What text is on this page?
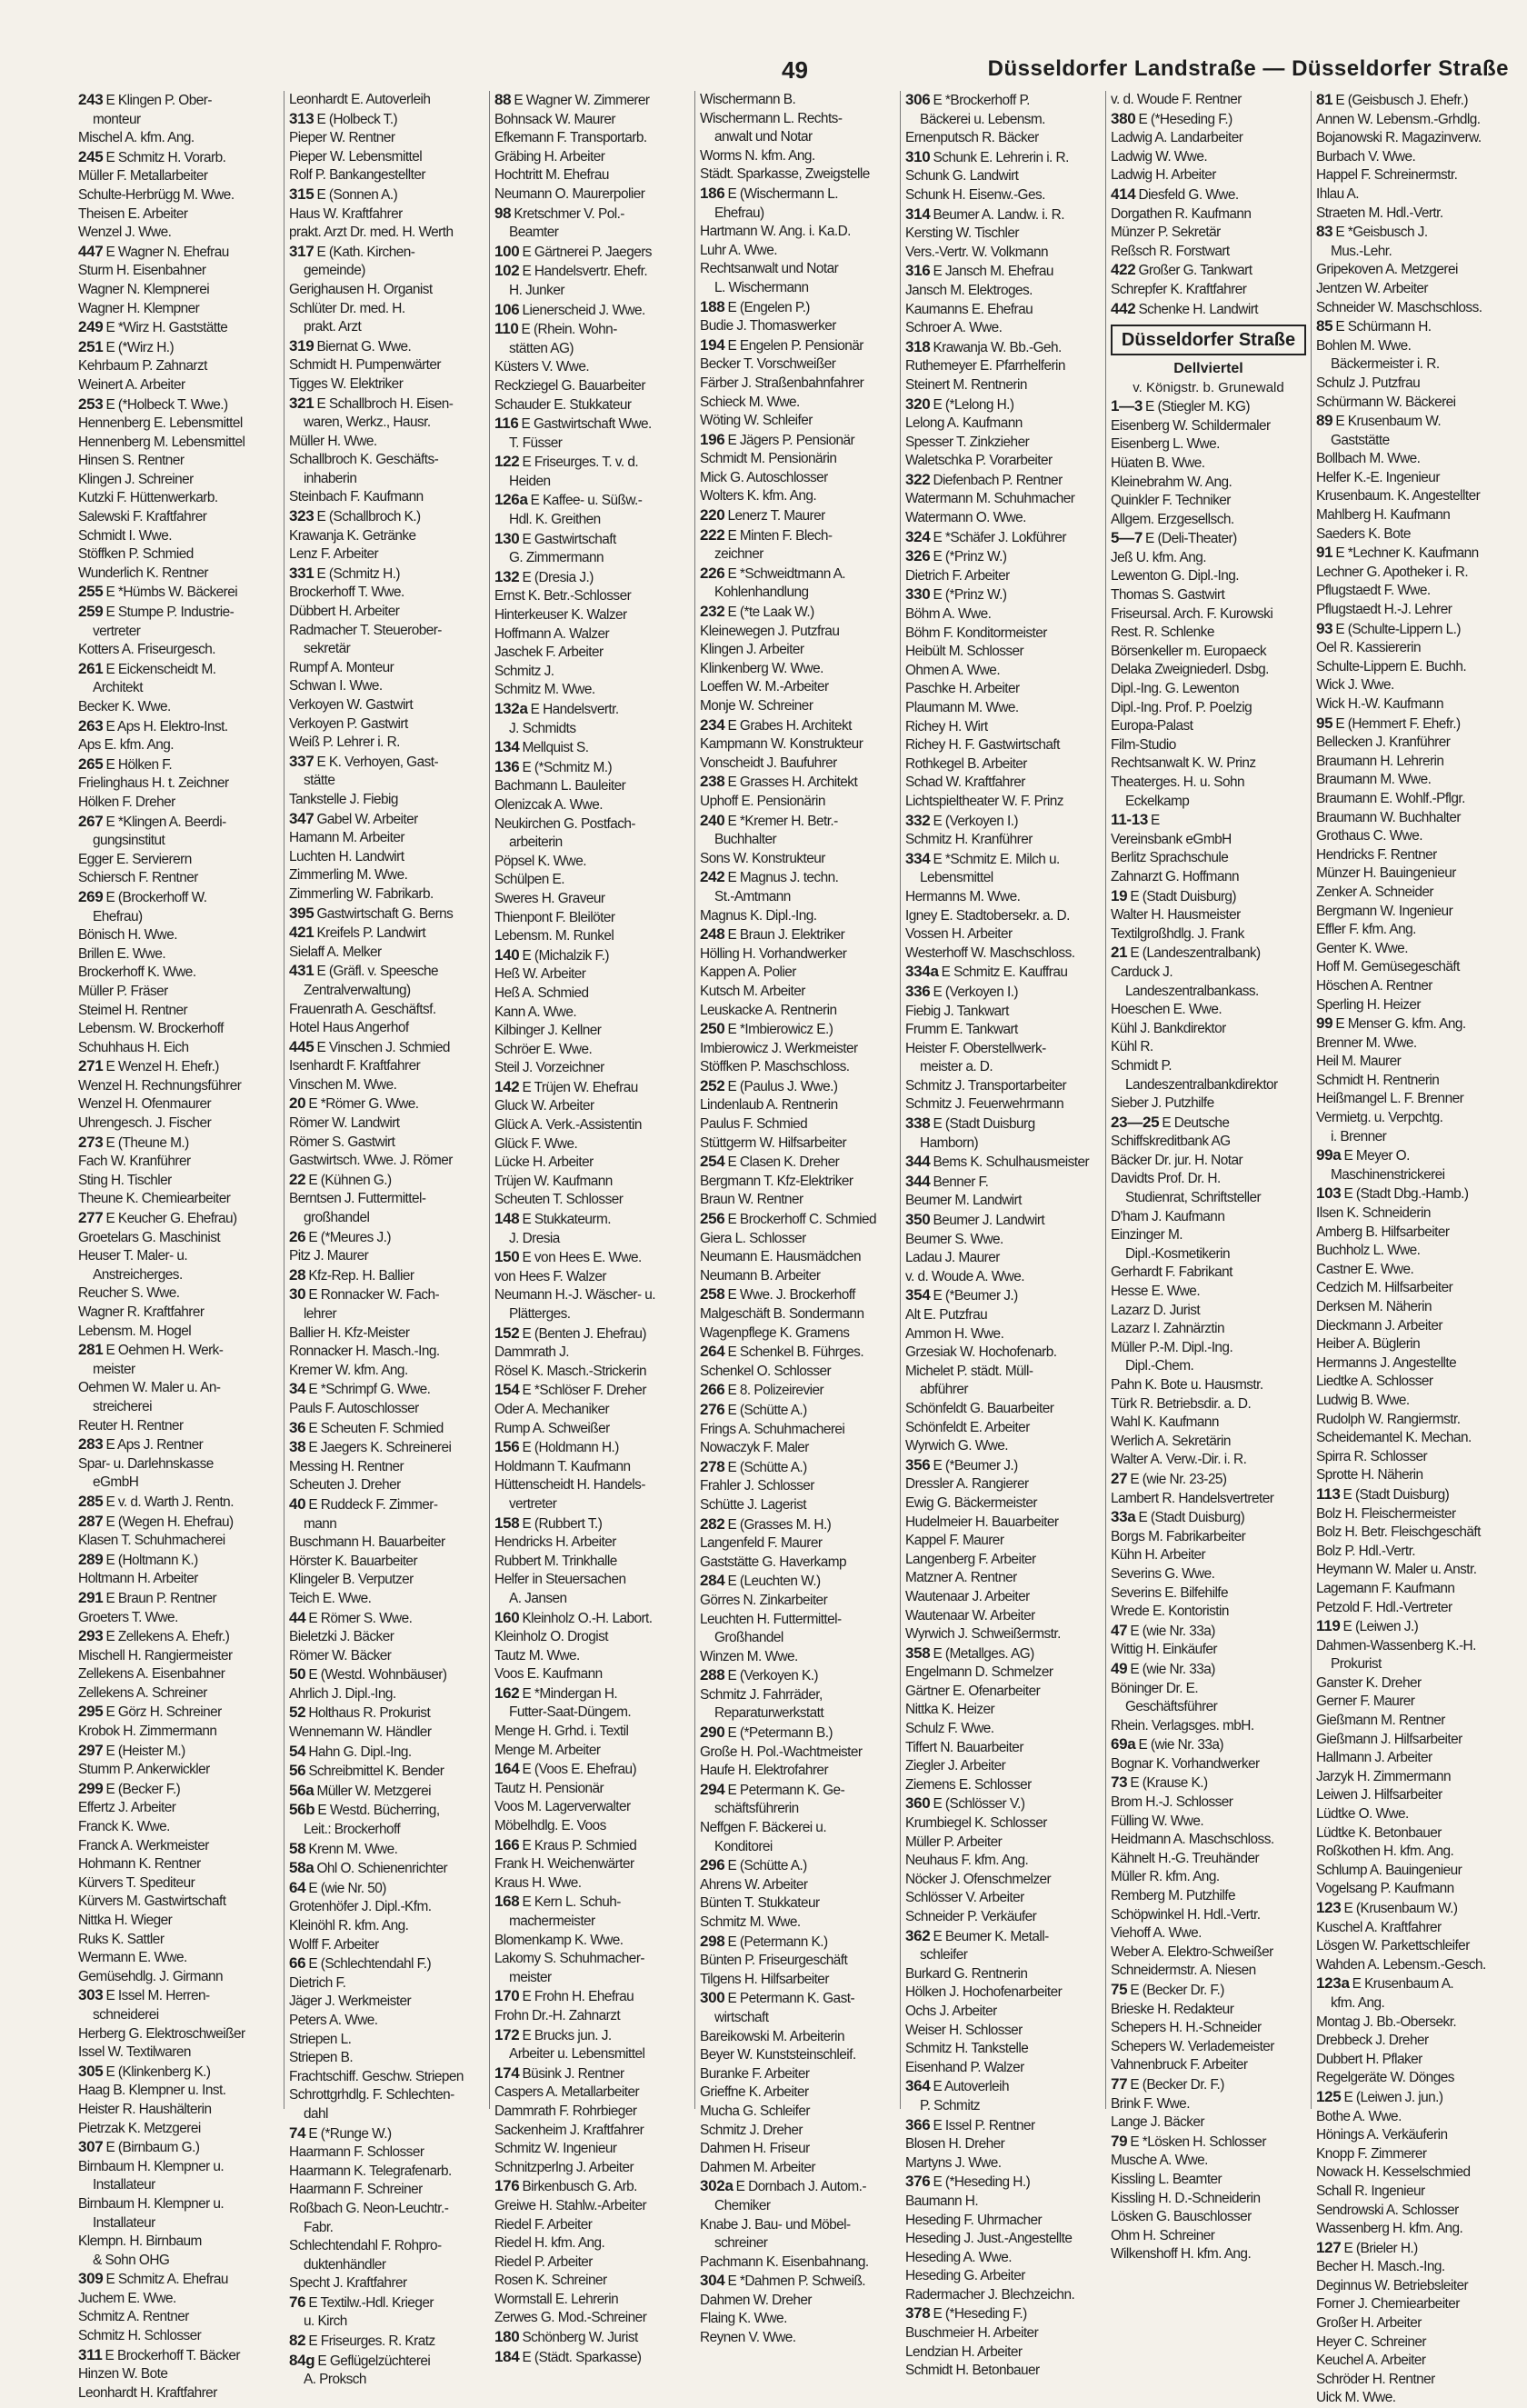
49	Düsseldorfer Landstraße — Düsseldorfer Straße
243 E Klingen P. Ober-
monteur
Mischel A. kfm. Ang.
245 E Schmitz H. Vorarb.
Müller F. Metallarbeiter
Schulte-Herbrügg M. Wwe.
Theisen E. Arbeiter
Wenzel J. Wwe.
447 E Wagner N. Ehefrau
Sturm H. Eisenbahner
Wagner N. Klempnerei
Wagner H. Klempner
249 E *Wirz H. Gaststätte
251 E (*Wirz H.)
Kehrbaum P. Zahnarzt
Weinert A. Arbeiter
253 E (*Holbeck T. Wwe.)
Hennenberg E. Lebensmittel
Hennenberg M. Lebensmittel
Hinsen S. Rentner
Klingen J. Schreiner
Kutzki F. Hüttenwerkarb.
Salewski F. Kraftfahrer
Schmidt I. Wwe.
Stöffken P. Schmied
Wunderlich K. Rentner
255 E *Hümbs W. Bäckerei
259 E Stumpe P. Industrie-
vertreter
Kotters A. Friseurgesch.
261 E Eickenscheidt M.
Architekt
Becker K. Wwe.
263 E Aps H. Elektro-Inst.
Aps E. kfm. Ang.
265 E Hölken F.
Frielinghaus H. t. Zeichner
Hölken F. Dreher
267 E *Klingen A. Beerdi-
gungsinstitut
Egger E. Servierern
Schiersch F. Rentner
269 E (Brockerhoff W.
Ehefrau)
Bönisch H. Wwe.
Brillen E. Wwe.
Brockerhoff K. Wwe.
Müller P. Fräser
Steimel H. Rentner
Lebensm. W. Brockerhoff
Schuhhaus H. Eich
271 E Wenzel H. Ehefr.)
Wenzel H. Rechnungsführer
Wenzel H. Ofenmaurer
Uhrengesch. J. Fischer
273 E (Theune M.)
Fach W. Kranführer
Sting H. Tischler
Theune K. Chemiearbeiter
277 E Keucher G. Ehefrau)
Groetelars G. Maschinist
Heuser T. Maler- u.
Anstreicherges.
Reucher S. Wwe.
Wagner R. Kraftfahrer
Lebensm. M. Hogel
281 E Oehmen H. Werk-
meister
Oehmen W. Maler u. An-
streicherei
Reuter H. Rentner
283 E Aps J. Rentner
Spar- u. Darlehnskasse
eGmbH
285 E v. d. Warth J. Rentn.
287 E (Wegen H. Ehefrau)
Klasen T. Schuhmacherei
289 E (Holtmann K.)
Holtmann H. Arbeiter
291 E Braun P. Rentner
Groeters T. Wwe.
293 E Zellekens A. Ehefr.)
Mischell H. Rangiermeister
Zellekens A. Eisenbahner
Zellekens A. Schreiner
295 E Görz H. Schreiner
Krobok H. Zimmermann
297 E (Heister M.)
Stumm P. Ankerwickler
299 E (Becker F.)
Effertz J. Arbeiter
Franck K. Wwe.
Franck A. Werkmeister
Hohmann K. Rentner
Kürvers T. Spediteur
Kürvers M. Gastwirtschaft
Nittka H. Wieger
Ruks K. Sattler
Wermann E. Wwe.
Gemüsehdlg. J. Girmann
303 E Issel M. Herren-
schneiderei
Herberg G. Elektroschweißer
Issel W. Textilwaren
305 E (Klinkenberg K.)
Haag B. Klempner u. Inst.
Heister R. Haushälterin
Pietrzak K. Metzgerei
307 E (Birnbaum G.)
Birnbaum H. Klempner u.
Installateur
Birnbaum H. Klempner u.
Installateur
Klempn. H. Birnbaum
& Sohn OHG
309 E Schmitz A. Ehefrau
Juchem E. Wwe.
Schmitz A. Rentner
Schmitz H. Schlosser
311 E Brockerhoff T. Bäcker
Hinzen W. Bote
Leonhardt H. Kraftfahrer
Leonhardt E. Autoverleih
313 E (Holbeck T.)
Pieper W. Rentner
Pieper W. Lebensmittel
Rolf P. Bankangestellter
315 E (Sonnen A.)
Haus W. Kraftfahrer
prakt. Arzt Dr. med. H. Werth
317 E (Kath. Kirchen-
gemeinde)
Gerighausen H. Organist
Schlüter Dr. med. H.
prakt. Arzt
319 Biernat G. Wwe.
Schmidt H. Pumpenwärter
Tigges W. Elektriker
321 E Schallbroch H. Eisen-
waren, Werkz., Hausr.
Müller H. Wwe.
Schallbroch K. Geschäfts-
inhaberin
Steinbach F. Kaufmann
323 E (Schallbroch K.)
Krawanja K. Getränke
Lenz F. Arbeiter
331 E (Schmitz H.)
Brockerhoff T. Wwe.
Dübbert H. Arbeiter
Radmacher T. Steuerober-
sekretär
Rumpf A. Monteur
Schwan I. Wwe.
Verkoyen W. Gastwirt
Verkoyen P. Gastwirt
Weiß P. Lehrer i. R.
337 E K. Verhoyen, Gast-
stätte
Tankstelle J. Fiebig
347 Gabel W. Arbeiter
Hamann M. Arbeiter
Luchten H. Landwirt
Zimmerling M. Wwe.
Zimmerling W. Fabrikarb.
395 Gastwirtschaft G. Berns
421 Kreifels P. Landwirt
Sielaff A. Melker
431 E (Gräfl. v. Speesche
Zentralverwaltung)
Frauenrath A. Geschäftsf.
Hotel Haus Angerhof
445 E Vinschen J. Schmied
Isenhardt F. Kraftfahrer
Vinschen M. Wwe.
20 E *Römer G. Wwe.
Römer W. Landwirt
Römer S. Gastwirt
Gastwirtsch. Wwe. J. Römer
22 E (Kühnen G.)
Berntsen J. Futtermittel-
großhandel
26 E (*Meures J.)
Pitz J. Maurer
28 Kfz-Rep. H. Ballier
30 E Ronnacker W. Fach-
lehrer
Ballier H. Kfz-Meister
Ronnacker H. Masch.-Ing.
Kremer W. kfm. Ang.
34 E *Schrimpf G. Wwe.
Pauls F. Autoschlosser
36 E Scheuten F. Schmied
38 E Jaegers K. Schreinerei
Messing H. Rentner
Scheuten J. Dreher
40 E Ruddeck F. Zimmer-
mann
Buschmann H. Bauarbeiter
Hörster K. Bauarbeiter
Klingeler B. Verputzer
Teich E. Wwe.
44 E Römer S. Wwe.
Bieletzki J. Bäcker
Römer W. Bäcker
50 E (Westd. Wohnbäuser)
Ahrlich J. Dipl.-Ing.
52 Holthaus R. Prokurist
Wennemann W. Händler
54 Hahn G. Dipl.-Ing.
56 Schreibmittel K. Bender
56a Müller W. Metzgerei
56b E Westd. Bücherring,
Leit.: Brockerhoff
58 Krenn M. Wwe.
58a Ohl O. Schienenrichter
64 E (wie Nr. 50)
Grotenhöfer J. Dipl.-Kfm.
Kleinöhl R. kfm. Ang.
Wolff F. Arbeiter
66 E (Schlechtendahl F.)
Dietrich F.
Jäger J. Werkmeister
Peters A. Wwe.
Striepen L.
Striepen B.
Frachtschiff. Geschw. Striepen
Schrottgrhdlg. F. Schlechten-
dahl
74 E (*Runge W.)
Haarmann F. Schlosser
Haarmann K. Telegrafenarb.
Haarmann F. Schreiner
Roßbach G. Neon-Leuchtr.-
Fabr.
Schlechtendahl F. Rohpro-
duktenhändler
Specht J. Kraftfahrer
76 E Textilw.-Hdl. Krieger
u. Kirch
82 E Friseurges. R. Kratz
84g E Geflügelzüchterei
A. Proksch
88 E Wagner W. Zimmerer
Bohnsack W. Maurer
Efkemann F. Transportarb.
Gräbing H. Arbeiter
Hochtritt M. Ehefrau
Neumann O. Maurerpolier
98 Kretschmer V. Pol.-
Beamter
100 E Gärtnerei P. Jaegers
102 E Handelsvertr. Ehefr.
H. Junker
106 Lienerscheid J. Wwe.
110 E (Rhein. Wohn-
stätten AG)
Küsters V. Wwe.
Reckziegel G. Bauarbeiter
Schauder E. Stukkateur
116 E Gastwirtschaft Wwe.
T. Füsser
122 E Friseurges. T. v. d.
Heiden
126a E Kaffee- u. Süßw.-
Hdl. K. Greithen
130 E Gastwirtschaft
G. Zimmermann
132 E (Dresia J.)
Ernst K. Betr.-Schlosser
Hinterkeuser K. Walzer
Hoffmann A. Walzer
Jaschek F. Arbeiter
Schmitz J.
Schmitz M. Wwe.
132a E Handelsvertr.
J. Schmidts
134 Mellquist S.
136 E (*Schmitz M.)
Bachmann L. Bauleiter
Olenizcak A. Wwe.
Neukirchen G. Postfach-
arbeiterin
Pöpsel K. Wwe.
Schülpen E.
Sweres H. Graveur
Thienpont F. Bleilöter
Lebensm. M. Runkel
140 E (Michalzik F.)
Heß W. Arbeiter
Heß A. Schmied
Kann A. Wwe.
Kilbinger J. Kellner
Schröer E. Wwe.
Steil J. Vorzeichner
142 E Trüjen W. Ehefrau
Gluck W. Arbeiter
Glück A. Verk.-Assistentin
Glück F. Wwe.
Lücke H. Arbeiter
Trüjen W. Kaufmann
Scheuten T. Schlosser
148 E Stukkateurm.
J. Dresia
150 E von Hees E. Wwe.
von Hees F. Walzer
Neumann H.-J. Wäscher- u.
Plätterges.
152 E (Benten J. Ehefrau)
Dammrath J.
Rösel K. Masch.-Strickerin
154 E *Schlöser F. Dreher
Oder A. Mechaniker
Rump A. Schweißer
156 E (Holdmann H.)
Holdmann T. Kaufmann
Hüttenscheidt H. Handels-
vertreter
158 E (Rubbert T.)
Hendricks H. Arbeiter
Rubbert M. Trinkhalle
Helfer in Steuersachen
A. Jansen
160 Kleinholz O.-H. Labort.
Kleinholz O. Drogist
Tautz M. Wwe.
Voos E. Kaufmann
162 E *Mindergan H.
Futter-Saat-Düngem.
Menge H. Grhd. i. Textil
Menge M. Arbeiter
164 E (Voos E. Ehefrau)
Tautz H. Pensionär
Voos M. Lagerverwalter
Möbelhdlg. E. Voos
166 E Kraus P. Schmied
Frank H. Weichenwärter
Kraus H. Wwe.
168 E Kern L. Schuh-
machermeister
Blomenkamp K. Wwe.
Lakomy S. Schuhmacher-
meister
170 E Frohn H. Ehefrau
Frohn Dr.-H. Zahnarzt
172 E Brucks jun. J.
Arbeiter u. Lebensmittel
174 Büsink J. Rentner
Caspers A. Metallarbeiter
Dammrath F. Rohrbieger
Sackenheim J. Kraftfahrer
Schmitz W. Ingenieur
Schnitzperlng J. Arbeiter
176 Birkenbusch G. Arb.
Greiwe H. Stahlw.-Arbeiter
Riedel F. Arbeiter
Riedel H. kfm. Ang.
Riedel P. Arbeiter
Rosen K. Schreiner
Wormstall E. Lehrerin
Zerwes G. Mod.-Schreiner
180 Schönberg W. Jurist
184 E (Städt. Sparkasse)
Wischermann B.
Wischermann L. Rechts-
anwalt und Notar
Worms N. kfm. Ang.
Städt. Sparkasse, Zweigstelle
186 E (Wischermann L.
Ehefrau)
Hartmann W. Ang. i. Ka.D.
Luhr A. Wwe.
Rechtsanwalt und Notar
L. Wischermann
188 E (Engelen P.)
Budie J. Thomaswerker
194 E Engelen P. Pensionär
Becker T. Vorschweißer
Färber J. Straßenbahnfahrer
Schieck M. Wwe.
Wöting W. Schleifer
196 E Jägers P. Pensionär
Schmidt M. Pensionärin
Mick G. Autoschlosser
Wolters K. kfm. Ang.
220 Lenerz T. Maurer
222 E Minten F. Blech-
zeichner
226 E *Schweidtmann A.
Kohlenhandlung
232 E (*te Laak W.)
Kleinewegen J. Putzfrau
Klingen J. Arbeiter
Klinkenberg W. Wwe.
Loeffen W. M.-Arbeiter
Monje W. Schreiner
234 E Grabes H. Architekt
Kampmann W. Konstrukteur
Vonscheidt J. Baufuhrer
238 E Grasses H. Architekt
Uphoff E. Pensionärin
240 E *Kremer H. Betr.-
Buchhalter
Sons W. Konstrukteur
242 E Magnus J. techn.
St.-Amtmann
Magnus K. Dipl.-Ing.
248 E Braun J. Elektriker
Hölling H. Vorhandwerker
Kappen A. Polier
Kutsch M. Arbeiter
Leuskacke A. Rentnerin
250 E *Imbierowicz E.)
Imbierowicz J. Werkmeister
Stöffken P. Maschschloss.
252 E (Paulus J. Wwe.)
Lindenlaub A. Rentnerin
Paulus F. Schmied
Stüttgerm W. Hilfsarbeiter
254 E Clasen K. Dreher
Bergmann T. Kfz-Elektriker
Braun W. Rentner
256 E Brockerhoff C. Schmied
Giera L. Schlosser
Neumann E. Hausmädchen
Neumann B. Arbeiter
258 E Wwe. J. Brockerhoff
Malgeschäft B. Sondermann
Wagenpflege K. Gramens
264 E Schenkel B. Führges.
Schenkel O. Schlosser
266 E 8. Polizeirevier
276 E (Schütte A.)
Frings A. Schuhmacherei
Nowaczyk F. Maler
278 E (Schütte A.)
Frahler J. Schlosser
Schütte J. Lagerist
282 E (Grasses M. H.)
Langenfeld F. Maurer
Gaststätte G. Haverkamp
284 E (Leuchten W.)
Görres N. Zinkarbeiter
Leuchten H. Futtermittel-
Großhandel
Winzen M. Wwe.
288 E (Verkoyen K.)
Schmitz J. Fahrräder,
Reparaturwerkstatt
290 E (*Petermann B.)
Große H. Pol.-Wachtmeister
Haufe H. Elektrofahrer
294 E Petermann K. Ge-
schäftsführerin
Neffgen F. Bäckerei u.
Konditorei
296 E (Schütte A.)
Ahrens W. Arbeiter
Bünten T. Stukkateur
Schmitz M. Wwe.
298 E (Petermann K.)
Bünten P. Friseurgeschäft
Tilgens H. Hilfsarbeiter
300 E Petermann K. Gast-
wirtschaft
Bareikowski M. Arbeiterin
Beyer W. Kunststeinschleif.
Buranke F. Arbeiter
Grieffne K. Arbeiter
Mucha G. Schleifer
Schmitz J. Dreher
Dahmen H. Friseur
Dahmen M. Arbeiter
302a E Dornbach J. Autom.-
Chemiker
Knabe J. Bau- und Möbel-
schreiner
Pachmann K. Eisenbahnang.
304 E *Dahmen P. Schweiß.
Dahmen W. Dreher
Flaing K. Wwe.
Reynen V. Wwe.
306 E *Brockerhoff P.
Bäckerei u. Lebensm.
Ernenputsch R. Bäcker
310 Schunk E. Lehrerin i. R.
Schunk G. Landwirt
Schunk H. Eisenw.-Ges.
314 Beumer A. Landw. i. R.
Kersting W. Tischler
Vers.-Vertr. W. Volkmann
316 E Jansch M. Ehefrau
Jansch M. Elektroges.
Kaumanns E. Ehefrau
Schroer A. Wwe.
318 Krawanja W. Bb.-Geh.
Ruthemeyer E. Pfarrhelferin
Steinert M. Rentnerin
320 E (*Lelong H.)
Lelong A. Kaufmann
Spesser T. Zinkzieher
Waletschka P. Vorarbeiter
322 Diefenbach P. Rentner
Watermann M. Schuhmacher
Watermann O. Wwe.
324 E *Schäfer J. Lokführer
326 E (*Prinz W.)
Dietrich F. Arbeiter
330 E (*Prinz W.)
Böhm A. Wwe.
Böhm F. Konditormeister
Heibült M. Schlosser
Ohmen A. Wwe.
Paschke H. Arbeiter
Plaumann M. Wwe.
Richey H. Wirt
Richey H. F. Gastwirtschaft
Rothkegel B. Arbeiter
Schad W. Kraftfahrer
Lichtspieltheater W. F. Prinz
332 E (Verkoyen I.)
Schmitz H. Kranführer
334 E *Schmitz E. Milch u.
Lebensmittel
Hermanns M. Wwe.
Igney E. Stadtobersekr. a. D.
Vossen H. Arbeiter
Westerhoff W. Maschschloss.
334a E Schmitz E. Kauffrau
336 E (Verkoyen I.)
Fiebig J. Tankwart
Frumm E. Tankwart
Heister F. Oberstellwerk-
meister a. D.
Schmitz J. Transportarbeiter
Schmitz J. Feuerwehrmann
338 E (Stadt Duisburg
Hamborn)
344 Bems K. Schulhausmeister
344 Benner F.
Beumer M. Landwirt
350 Beumer J. Landwirt
Beumer S. Wwe.
Ladau J. Maurer
v. d. Woude A. Wwe.
354 E (*Beumer J.)
Alt E. Putzfrau
Ammon H. Wwe.
Grzesiak W. Hochofenarb.
Michelet P. städt. Müll-
abführer
Schönfeldt G. Bauarbeiter
Schönfeldt E. Arbeiter
Wyrwich G. Wwe.
356 E (*Beumer J.)
Dressler A. Rangierer
Ewig G. Bäckermeister
Hudelmeier H. Bauarbeiter
Kappel F. Maurer
Langenberg F. Arbeiter
Matzner A. Rentner
Wautenaar J. Arbeiter
Wautenaar W. Arbeiter
Wyrwich J. Schweißermstr.
358 E (Metallges. AG)
Engelmann D. Schmelzer
Gärtner E. Ofenarbeiter
Nittka K. Heizer
Schulz F. Wwe.
Tiffert N. Bauarbeiter
Ziegler J. Arbeiter
Ziemens E. Schlosser
360 E (Schlösser V.)
Krumbiegel K. Schlosser
Müller P. Arbeiter
Neuhaus F. kfm. Ang.
Nöcker J. Ofenschmelzer
Schlösser V. Arbeiter
Schneider P. Verkäufer
362 E Beumer K. Metall-
schleifer
Burkard G. Rentnerin
Hölken J. Hochofenarbeiter
Ochs J. Arbeiter
Weiser H. Schlosser
Schmitz H. Tankstelle
Eisenhand P. Walzer
364 E Autoverleih
P. Schmitz
366 E Issel P. Rentner
Blosen H. Dreher
Martyns J. Wwe.
376 E (*Heseding H.)
Baumann H.
Heseding F. Uhrmacher
Heseding J. Just.-Angestellte
Heseding A. Wwe.
Heseding G. Arbeiter
Radermacher J. Blechzeichn.
378 E (*Heseding F.)
Buschmeier H. Arbeiter
Lendzian H. Arbeiter
Schmidt H. Betonbauer
v. d. Woude F. Rentner
380 E (*Heseding F.)
Ladwig A. Landarbeiter
Ladwig W. Wwe.
Ladwig H. Arbeiter
414 Diesfeld G. Wwe.
Dorgathen R. Kaufmann
Münzer P. Sekretär
Reßsch R. Forstwart
422 Großer G. Tankwart
Schrepfer K. Kraftfahrer
442 Schenke H. Landwirt
Düsseldorfer Straße
Dellviertel
v. Königstr. b. Grunewald
1—3 E (Stiegler M. KG)
Eisenberg W. Schildermaler
Eisenberg L. Wwe.
Hüaten B. Wwe.
Kleinebrahm W. Ang.
Quinkler F. Techniker
Allgem. Erzgesellsch.
5—7 E (Deli-Theater)
Jeß U. kfm. Ang.
Lewenton G. Dipl.-Ing.
Thomas S. Gastwirt
Friseursal. Arch. F. Kurowski
Rest. R. Schlenke
Börsenkeller m. Europaeck
Delaka Zweigniederl. Dsbg.
Dipl.-Ing. G. Lewenton
Dipl.-Ing. Prof. P. Poelzig
Europa-Palast
Film-Studio
Rechtsanwalt K. W. Prinz
Theaterges. H. u. Sohn
Eckelkamp
11-13 E
Vereinsbank eGmbH
Berlitz Sprachschule
Zahnarzt G. Hoffmann
19 E (Stadt Duisburg)
Walter H. Hausmeister
Textilgroßhdlg. J. Frank
21 E (Landeszentralbank)
Carduck J.
Landeszentralbankass.
Hoeschen E. Wwe.
Kühl J. Bankdirektor
Kühl R.
Schmidt P.
Landeszentralbankdirektor
Sieber J. Putzhilfe
23—25 E Deutsche
Schiffskreditbank AG
Bäcker Dr. jur. H. Notar
Davidts Prof. Dr. H.
Studienrat, Schriftsteller
D'ham J. Kaufmann
Einzinger M.
Dipl.-Kosmetikerin
Gerhardt F. Fabrikant
Hesse E. Wwe.
Lazarz D. Jurist
Lazarz I. Zahnärztin
Müller P.-M. Dipl.-Ing.
Dipl.-Chem.
Pahn K. Bote u. Hausmstr.
Türk R. Betriebsdir. a. D.
Wahl K. Kaufmann
Werlich A. Sekretärin
Walter A. Verw.-Dir. i. R.
27 E (wie Nr. 23-25)
Lambert R. Handelsvertreter
33a E (Stadt Duisburg)
Borgs M. Fabrikarbeiter
Kühn H. Arbeiter
Severins G. Wwe.
Severins E. Bilfehilfe
Wrede E. Kontoristin
47 E (wie Nr. 33a)
Wittig H. Einkäufer
49 E (wie Nr. 33a)
Böninger Dr. E.
Geschäftsführer
Rhein. Verlagsges. mbH.
69a E (wie Nr. 33a)
Bognar K. Vorhandwerker
73 E (Krause K.)
Brom H.-J. Schlosser
Fülling W. Wwe.
Heidmann A. Maschschloss.
Kähnelt H.-G. Treuhänder
Müller R. kfm. Ang.
Remberg M. Putzhilfe
Schöpwinkel H. Hdl.-Vertr.
Viehoff A. Wwe.
Weber A. Elektro-Schweißer
Schneidermstr. A. Niesen
75 E (Becker Dr. F.)
Brieske H. Redakteur
Schepers H. H.-Schneider
Schepers W. Verlademeister
Vahnenbruck F. Arbeiter
77 E (Becker Dr. F.)
Brink F. Wwe.
Lange J. Bäcker
79 E *Lösken H. Schlosser
Musche A. Wwe.
Kissling L. Beamter
Kissling H. D.-Schneiderin
Lösken G. Bauschlosser
Ohm H. Schreiner
Wilkenshoff H. kfm. Ang.
81 E (Geisbusch J. Ehefr.)
Annen W. Lebensm.-Grhdlg.
Bojanowski R. Magazinverw.
Burbach V. Wwe.
Happel F. Schreinermstr.
Ihlau A.
Straeten M. Hdl.-Vertr.
83 E *Geisbusch J.
Mus.-Lehr.
Gripekoven A. Metzgerei
Jentzen W. Arbeiter
Schneider W. Maschschloss.
85 E Schürmann H.
Bohlen M. Wwe.
Bäckermeister i. R.
Schulz J. Putzfrau
Schürmann W. Bäckerei
89 E Krusenbaum W.
Gaststätte
Bollbach M. Wwe.
Helfer K.-E. Ingenieur
Krusenbaum. K. Angestellter
Mahlberg H. Kaufmann
Saeders K. Bote
91 E *Lechner K. Kaufmann
Lechner G. Apotheker i. R.
Pflugstaedt F. Wwe.
Pflugstaedt H.-J. Lehrer
93 E (Schulte-Lippern L.)
Oel R. Kassiererin
Schulte-Lippern E. Buchh.
Wick J. Wwe.
Wick H.-W. Kaufmann
95 E (Hemmert F. Ehefr.)
Bellecken J. Kranführer
Braumann H. Lehrerin
Braumann M. Wwe.
Braumann E. Wohlf.-Pflgr.
Braumann W. Buchhalter
Grothaus C. Wwe.
Hendricks F. Rentner
Münzer H. Bauingenieur
Zenker A. Schneider
Bergmann W. Ingenieur
Effler F. kfm. Ang.
Genter K. Wwe.
Hoff M. Gemüsegeschäft
Höschen A. Rentner
Sperling H. Heizer
99 E Menser G. kfm. Ang.
Brenner M. Wwe.
Heil M. Maurer
Schmidt H. Rentnerin
Heißmangel L. F. Brenner
Vermietg. u. Verpchtg.
i. Brenner
99a E Meyer O.
Maschinenstrickerei
103 E (Stadt Dbg.-Hamb.)
Ilsen K. Schneiderin
Amberg B. Hilfsarbeiter
Buchholz L. Wwe.
Castner E. Wwe.
Cedzich M. Hilfsarbeiter
Derksen M. Näherin
Dieckmann J. Arbeiter
Heiber A. Büglerin
Hermanns J. Angestellte
Liedtke A. Schlosser
Ludwig B. Wwe.
Rudolph W. Rangiermstr.
Scheidemantel K. Mechan.
Spirra R. Schlosser
Sprotte H. Näherin
113 E (Stadt Duisburg)
Bolz H. Fleischermeister
Bolz H. Betr. Fleischgeschäft
Bolz P. Hdl.-Vertr.
Heymann W. Maler u. Anstr.
Lagemann F. Kaufmann
Petzold F. Hdl.-Vertreter
119 E (Leiwen J.)
Dahmen-Wassenberg K.-H.
Prokurist
Ganster K. Dreher
Gerner F. Maurer
Gießmann M. Rentner
Gießmann J. Hilfsarbeiter
Hallmann J. Arbeiter
Jarzyk H. Zimmermann
Leiwen J. Hilfsarbeiter
Lüdtke O. Wwe.
Lüdtke K. Betonbauer
Roßkothen H. kfm. Ang.
Schlump A. Bauingenieur
Vogelsang P. Kaufmann
123 E (Krusenbaum W.)
Kuschel A. Kraftfahrer
Lösgen W. Parkettschleifer
Wahden A. Lebensm.-Gesch.
123a E Krusenbaum A.
kfm. Ang.
Montag J. Bb.-Obersekr.
Drebbeck J. Dreher
Dubbert H. Pflaker
Regelgeräte W. Dönges
125 E (Leiwen J. jun.)
Bothe A. Wwe.
Hönings A. Verkäuferin
Knopp F. Zimmerer
Nowack H. Kesselschmied
Schall R. Ingenieur
Sendrowski A. Schlosser
Wassenberg H. kfm. Ang.
127 E (Brieler H.)
Becher H. Masch.-Ing.
Deginnus W. Betriebsleiter
Forner J. Chemiearbeiter
Großer H. Arbeiter
Heyer C. Schreiner
Keuchel A. Arbeiter
Schröder H. Rentner
Uick M. Wwe.
